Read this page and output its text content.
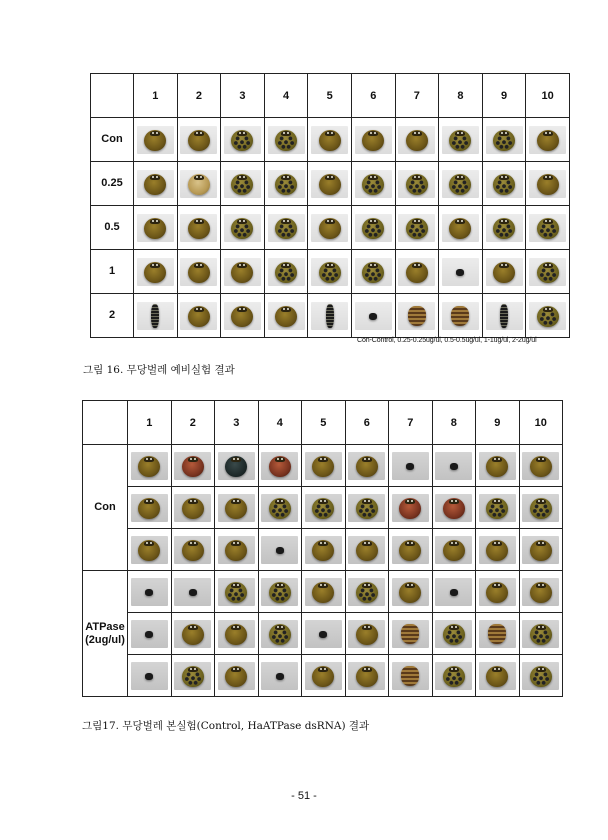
	1	2	3	4	5	6	7	8	9	10
Con	

0.25	

0.5	

1	

2	

Con-Control, 0.25-0.25ug/ul, 0.5-0.5ug/ul, 1-1ug/ul, 2-2ug/ul
그림 16. 무당벌레 예비실험 결과
	1	2	3	4	5	6	7	8	9	10
Con	

ATPase
(2ug/ul)	

그림17. 무당벌레 본실험(Control, HaATPase dsRNA) 결과
- 51 -
